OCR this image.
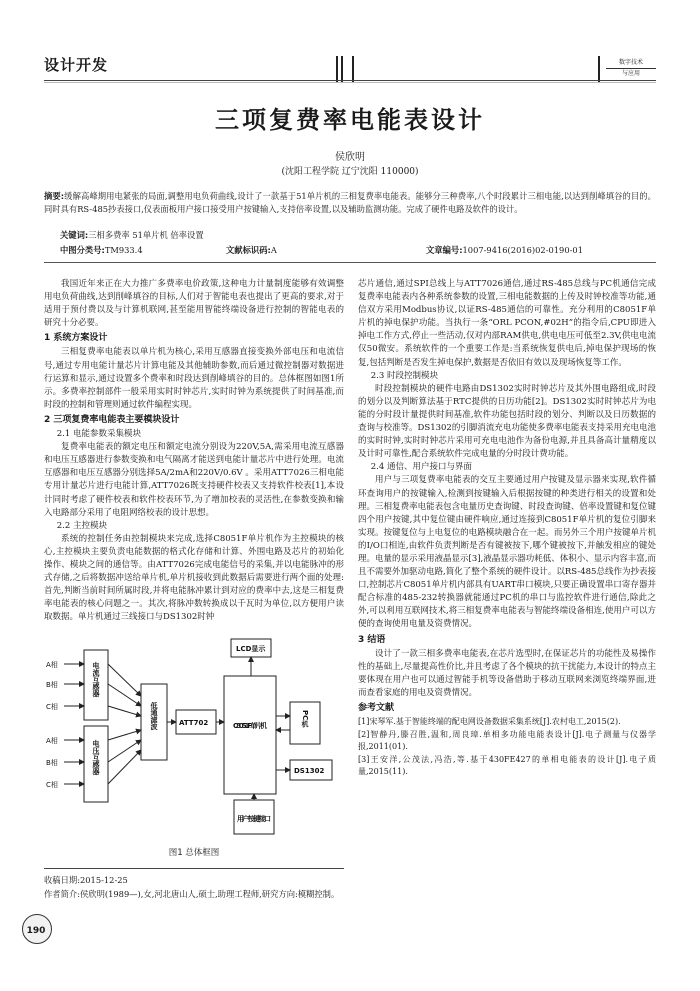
设计开发	数字技术
与应用
三项复费率电能表设计
侯欣明
(沈阳工程学院 辽宁沈阳 110000)
摘要:缓解高峰期用电紧张的局面,调整用电负荷曲线,设计了一款基于51单片机的三相复费率电能表。能够分三种费率,八个时段累计三相电能,以达到削峰填谷的目的。同时具有RS-485抄表接口,仪表面板用户接口接受用户按键输入,支持倍率设置,以及辅助监测功能。完成了硬件电路及软件的设计。
关键词:三相多费率 51单片机 倍率设置
中图分类号:TM933.4	文献标识码:A	文章编号:1007-9416(2016)02-0190-01

我国近年来正在大力推广多费率电价政策,这种电力计量制度能够有效调整用电负荷曲线,达到削峰填谷的目标,人们对于智能电表也提出了更高的要求,对于适用于预付费以及与计算机联网,甚至能用智能终端设备进行控制的智能电表的研究十分必要。

1 系统方案设计

三相复费率电能表以单片机为核心,采用互感器直接变换外部电压和电流信号,通过专用电能计量芯片计算电能及其他辅助参数,而后通过微控制器对数据进行运算和显示,通过设置多个费率和时段达到削峰填谷的目的。总体框图如图1所示。多费率控制部件一般采用实时时钟芯片,实时时钟为系统提供了时间基准,而时段的控制和管理则通过软件编程实现。

2 三项复费率电能表主要模块设计
2.1 电能参数采集模块

复费率电能表的额定电压和额定电流分别设为220V,5A,需采用电流互感器和电压互感器进行参数变换和电气隔离才能送到电能计量芯片中进行处理。电流互感器和电压互感器分别选择5A/2mA和220V/0.6V 。采用ATT7026三相电能专用计量芯片进行电能计算,ATT7026既支持硬件校表又支持软件校表[1],本设计同时考虑了硬件校表和软件校表环节,为了增加校表的灵活性,在参数变换和输入电路部分采用了电阻网络校表的设计思想。

2.2 主控模块

系统的控制任务由控制模块来完成,选择C8051F单片机作为主控模块的核心,主控模块主要负责电能数据的格式化存储和计算、外围电路及芯片的初始化操作、模块之间的通信等。由ATT7026完成电能信号的采集,并以电能脉冲的形式存储,之后将数据冲送给单片机,单片机接收到此数据后需要进行两个面的处理:首先,判断当前时间所属时段,并将电能脉冲累计到对应的费率中去,这是三相复费率电能表的核心问题之一。其次,将脉冲数转换成以千瓦时为单位,以方便用户读取数据。单片机通过三线接口与DS1302时钟

A相
B相
C相
A相
B相
C相
电流互感器
电压互感器
低通滤波	ATT702	C8051F单片机
LCD显示
PC机
DS1302
用户按键接口
图1 总体框图
收稿日期:2015-12-25
作者简介:侯欣明(1989—),女,河北唐山人,硕士,助理工程师,研究方向:模糊控制。
190

芯片通信,通过SPI总线上与ATT7026通信,通过RS-485总线与PC机通信完成复费率电能表内各种系统参数的设置,三相电能数据的上传及时钟校准等功能,通信双方采用Modbus协议,以证RS-485通信的可靠性。充分利用的C8051F单片机的掉电保护功能。当执行一条“ORL PCON,#02H”的指令后,CPU即进入掉电工作方式,停止一些活动,仅对内部RAM供电,供电电压可低至2.3V,供电电流仅50微安。系统软件的一个重要工作是:当系统恢复供电后,掉电保护现场的恢复,包括判断是否发生掉电保护,数据是否依旧有效以及现场恢复等工作。

2.3 时段控制模块

时段控制模块的硬件电路由DS1302实时时钟芯片及其外围电路组成,时段的划分以及判断算法基于RTC提供的日历功能[2]。DS1302实时时钟芯片为电能的分时段计量提供时间基准,软件功能包括时段的划分、判断以及日历数据的查询与校准等。DS1302的引脚消流充电功能使多费率电能表支持采用充电电池的实时时钟,实时时钟芯片采用可充电电池作为备份电源,并且具备高计量精度以及计时可靠性,配合系统软件完成电量的分时段计费功能。

2.4 通信、用户接口与界面

用户与三项复费率电能表的交互主要通过用户按键及显示器来实现,软件循环查询用户的按键输入,检测到按键输入后根据按键的种类进行相关的设置和处理。三相复费率电能表包含电量历史查询键、时段查询键、倍率设置键和复位键四个用户按键,其中复位键由硬件响应,通过连接到C8051F单片机的复位引脚来实现。按键复位与上电复位的电路模块融合在一起。而另外三个用户按键单片机的I/O口相连,由软件负责判断是否有键被按下,哪个键被按下,并触发相应的键处理。电量的显示采用液晶显示[3],液晶显示器功耗低、体积小、显示内容丰富,而且不需要外加驱动电路,简化了整个系统的硬件设计。以RS-485总线作为抄表接口,控制芯片C8051单片机内部具有UART串口模块,只要正确设置串口寄存器并配合标准的485-232转换器就能通过PC机的串口与监控软件进行通信,除此之外,可以利用互联网技术,将三相复费率电能表与智能终端设备相连,使用户可以方便的查询使用电量及资费情况。

3 结语

设计了一款三相多费率电能表,在芯片选型时,在保证芯片的功能性及易操作性的基础上,尽量提高性价比,并且考虑了各个模块的抗干扰能力,本设计的特点主要体现在用户也可以通过智能手机等设备借助于移动互联网来浏览终端界面,进而查看家庭的用电及资费情况。

参考文献

[1]宋琴军.基于智能终端的配电网设备数据采集系统[J].农村电工,2015(2).

[2]智静丹,滕召胜,温和,周良璋.单相多功能电能表设计[J].电子测量与仪器学报,2011(01).

[3]王安洋,公茂法,冯浩,等.基于430FE427的单相电能表的设计[J].电子质量,2015(11).
